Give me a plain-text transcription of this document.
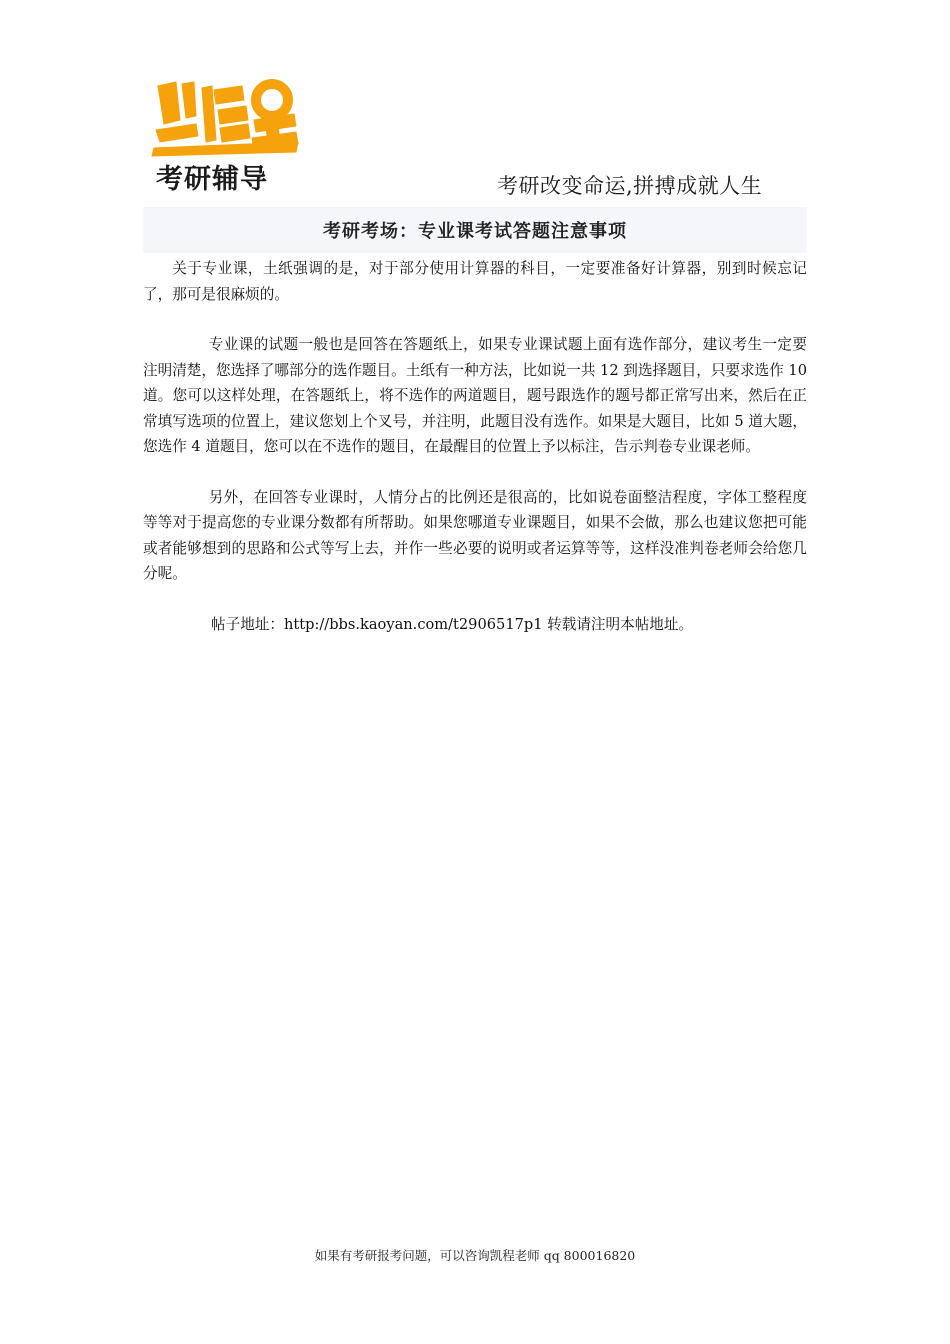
考研辅导	考研改变命运,拼搏成就人生
考研考场：专业课考试答题注意事项

关于专业课，土纸强调的是，对于部分使用计算器的科目，一定要准备好计算器，别到时候忘记了，那可是很麻烦的。

专业课的试题一般也是回答在答题纸上，如果专业课试题上面有选作部分，建议考生一定要注明清楚，您选择了哪部分的选作题目。土纸有一种方法，比如说一共 12 到选择题目，只要求选作 10 道。您可以这样处理，在答题纸上，将不选作的两道题目，题号跟选作的题号都正常写出来，然后在正常填写选项的位置上，建议您划上个叉号，并注明，此题目没有选作。如果是大题目，比如 5 道大题，您选作 4 道题目，您可以在不选作的题目，在最醒目的位置上予以标注，告示判卷专业课老师。

另外，在回答专业课时，人情分占的比例还是很高的，比如说卷面整洁程度，字体工整程度等等对于提高您的专业课分数都有所帮助。如果您哪道专业课题目，如果不会做，那么也建议您把可能或者能够想到的思路和公式等写上去，并作一些必要的说明或者运算等等，这样没准判卷老师会给您几分呢。

帖子地址：http://bbs.kaoyan.com/t2906517p1 转载请注明本帖地址。

如果有考研报考问题，可以咨询凯程老师 qq 800016820
